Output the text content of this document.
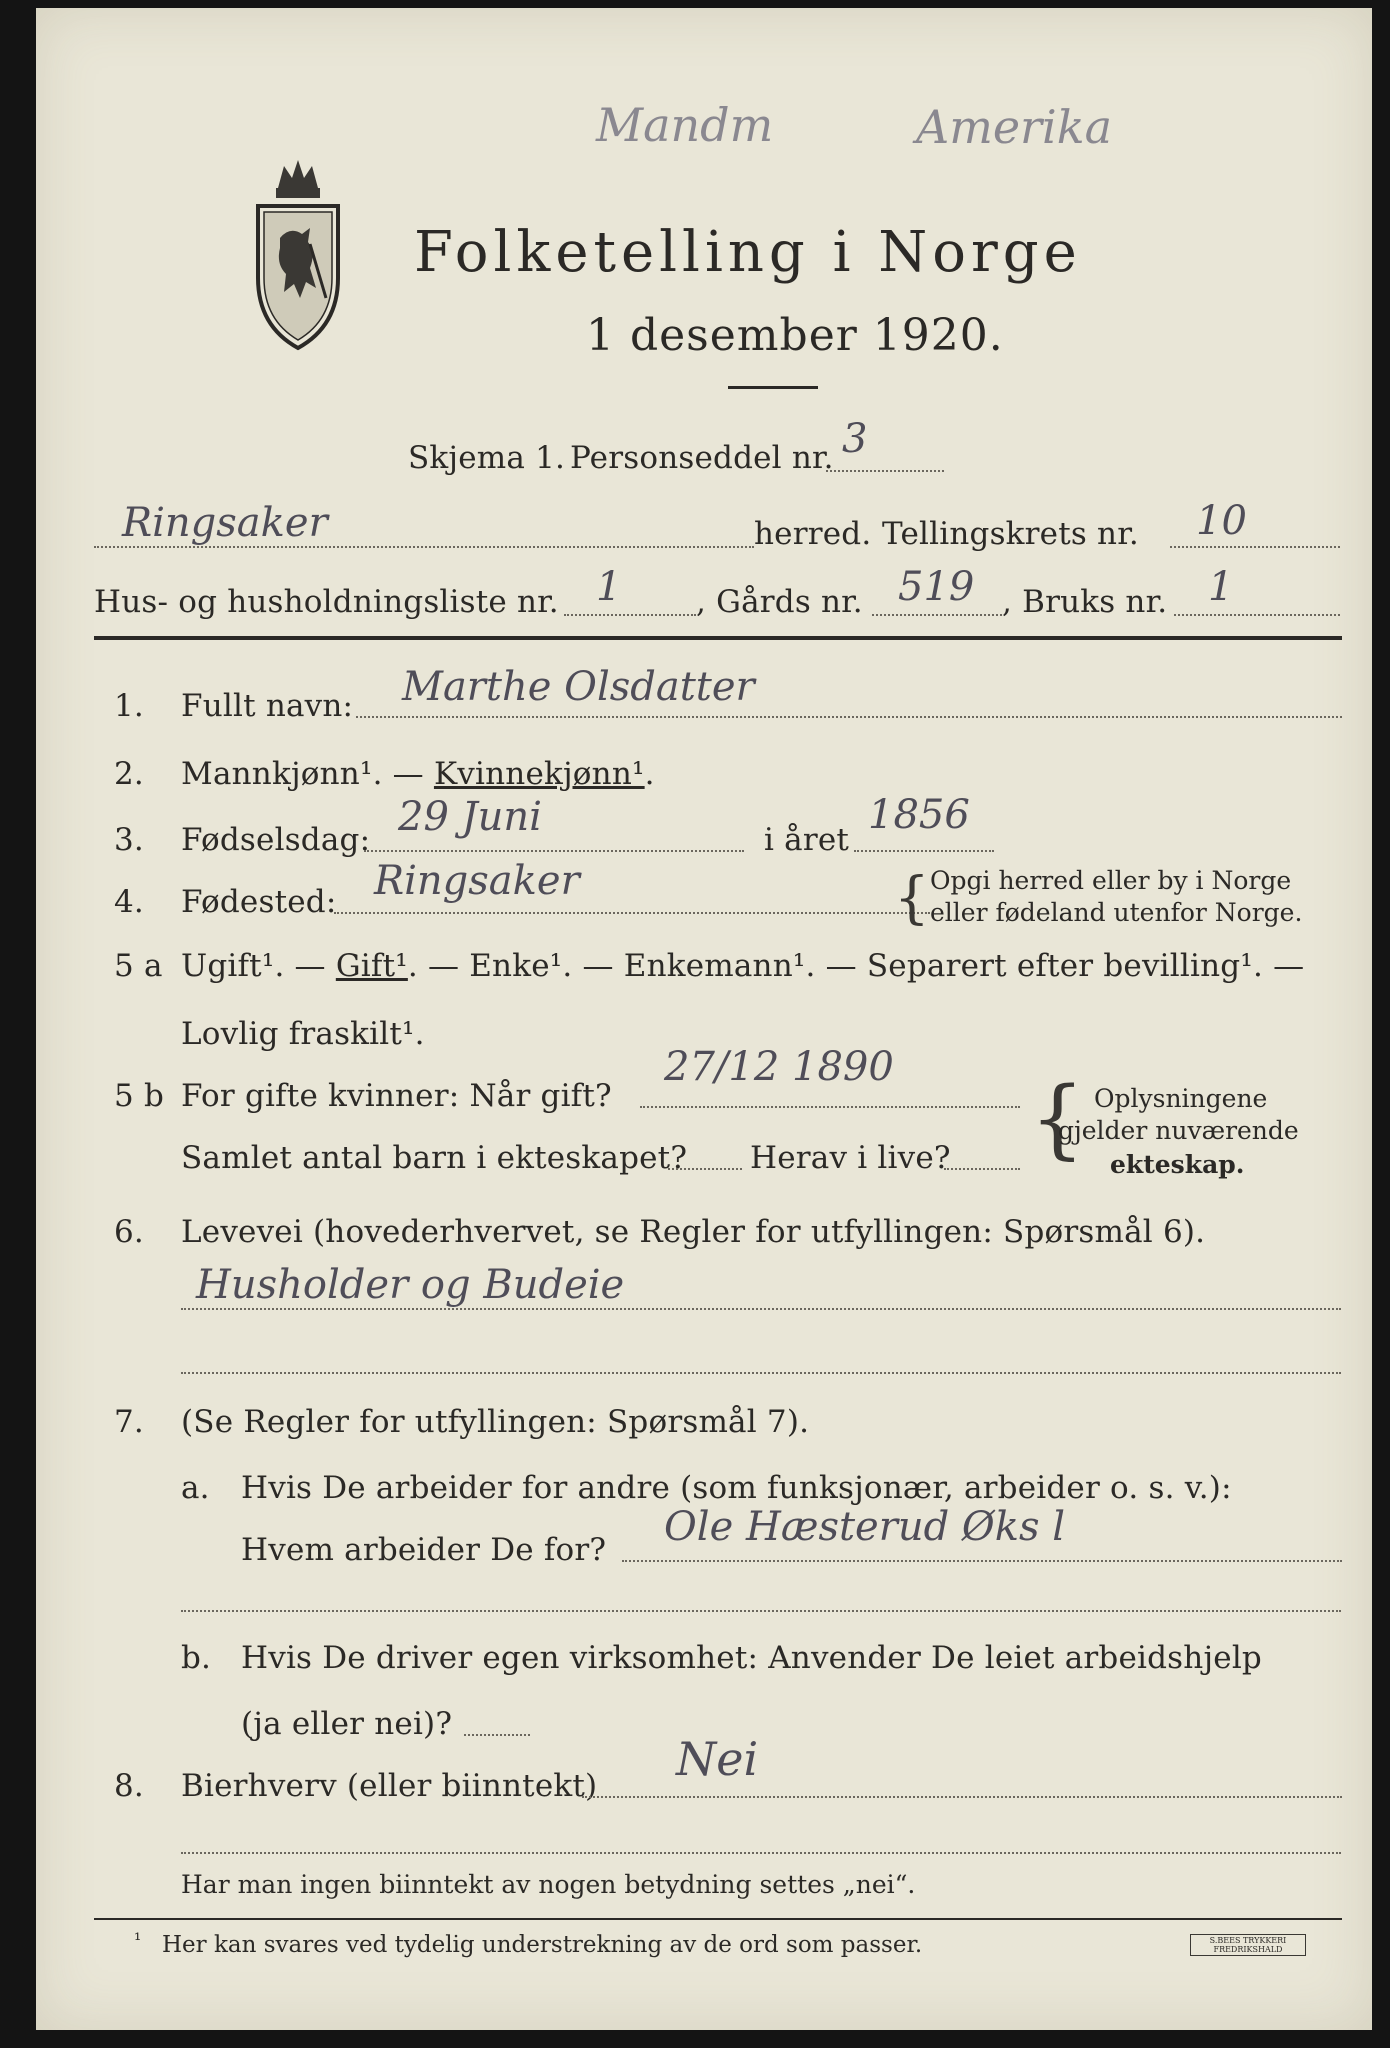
Mandm	Amerika
Folketelling i Norge
1 desember 1920.
Skjema 1. Personseddel nr. 3
Ringsaker	herred. Tellingskrets nr. 10
Hus- og husholdningsliste nr. 1 , Gårds nr. 519 , Bruks nr. 1
1. Fullt navn: Marthe Olsdatter
2. Mannkjønn¹. — Kvinnekjønn¹.
3. Fødselsdag: 29 Juni	i året
1856
4. Fødested: Ringsaker	{ Opgi herred eller by i Norge
eller fødeland utenfor Norge.
5 a Ugift¹. — Gift¹. — Enke¹. — Enkemann¹. — Separert efter bevilling¹. —
Lovlig fraskilt¹.
5 b For gifte kvinner: Når gift?
27/12 1890
Samlet antal barn i ekteskapet? Herav i live? { Oplysningene
gjelder nuværende
ekteskap.
6. Levevei (hovederhvervet, se Regler for utfyllingen: Spørsmål 6).
Husholder og Budeie
7. (Se Regler for utfyllingen: Spørsmål 7).
a. Hvis De arbeider for andre (som funksjonær, arbeider o. s. v.):
Hvem arbeider De for? Ole Hæsterud Øks l
b. Hvis De driver egen virksomhet: Anvender De leiet arbeidshjelp
(ja eller nei)?
8. Bierhverv (eller biinntekt) Nei
Har man ingen biinntekt av nogen betydning settes „nei“.
¹ Her kan svares ved tydelig understrekning av de ord som passer.	S.BEES TRYKKERI
FREDRIKSHALD
